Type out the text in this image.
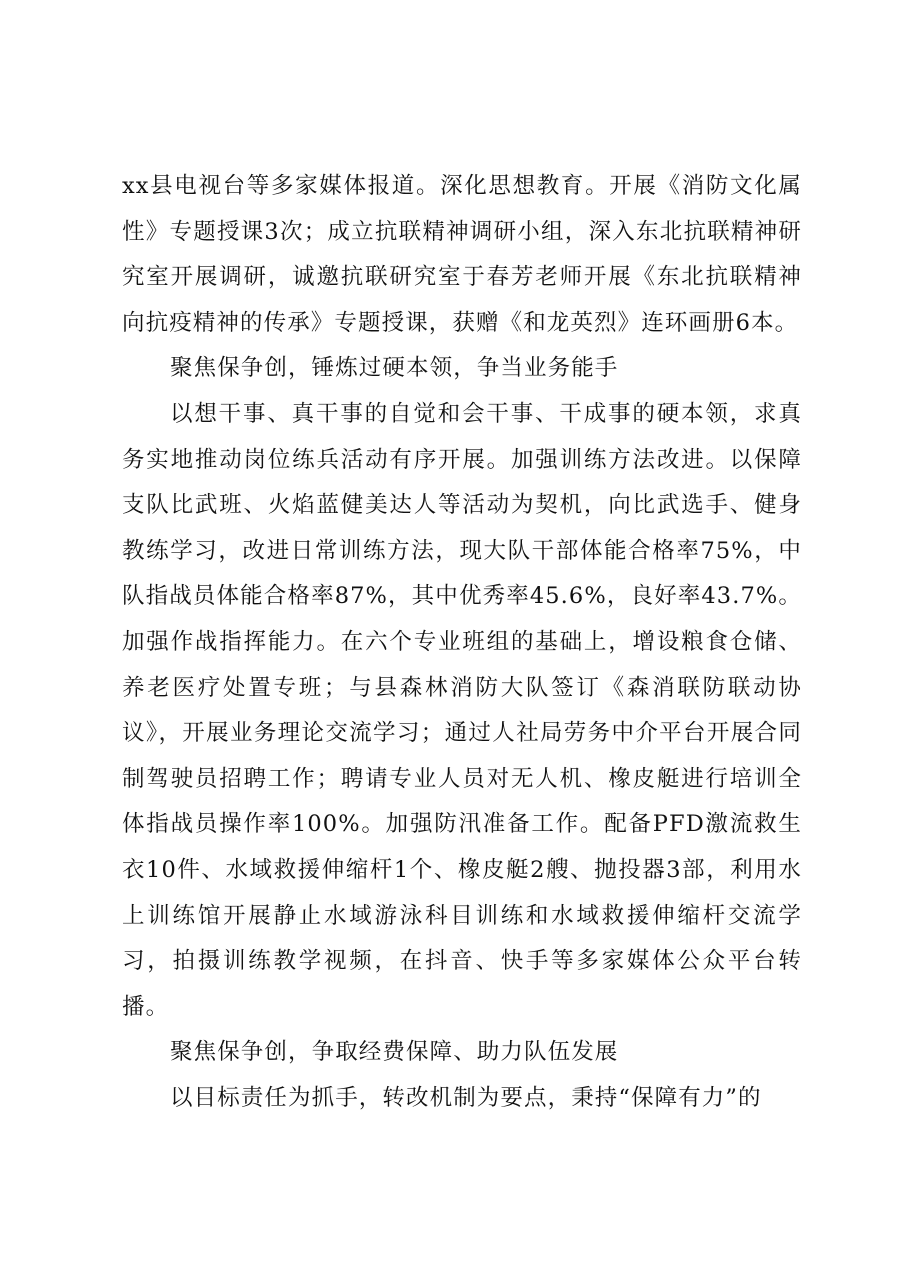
xx县电视台等多家媒体报道。深化思想教育。开展《消防文化属性》专题授课3次；成立抗联精神调研小组，深入东北抗联精神研究室开展调研，诚邀抗联研究室于春芳老师开展《东北抗联精神向抗疫精神的传承》专题授课，获赠《和龙英烈》连环画册6本。

聚焦保争创，锤炼过硬本领，争当业务能手

以想干事、真干事的自觉和会干事、干成事的硬本领，求真务实地推动岗位练兵活动有序开展。加强训练方法改进。以保障支队比武班、火焰蓝健美达人等活动为契机，向比武选手、健身教练学习，改进日常训练方法，现大队干部体能合格率75%，中队指战员体能合格率87%，其中优秀率45.6%，良好率43.7%。加强作战指挥能力。在六个专业班组的基础上，增设粮食仓储、养老医疗处置专班；与县森林消防大队签订《森消联防联动协议》，开展业务理论交流学习；通过人社局劳务中介平台开展合同制驾驶员招聘工作；聘请专业人员对无人机、橡皮艇进行培训全体指战员操作率100%。加强防汛准备工作。配备PFD激流救生衣10件、水域救援伸缩杆1个、橡皮艇2艘、抛投器3部，利用水上训练馆开展静止水域游泳科目训练和水域救援伸缩杆交流学习，拍摄训练教学视频，在抖音、快手等多家媒体公众平台转播。

聚焦保争创，争取经费保障、助力队伍发展

以目标责任为抓手，转改机制为要点，秉持“保障有力”的
